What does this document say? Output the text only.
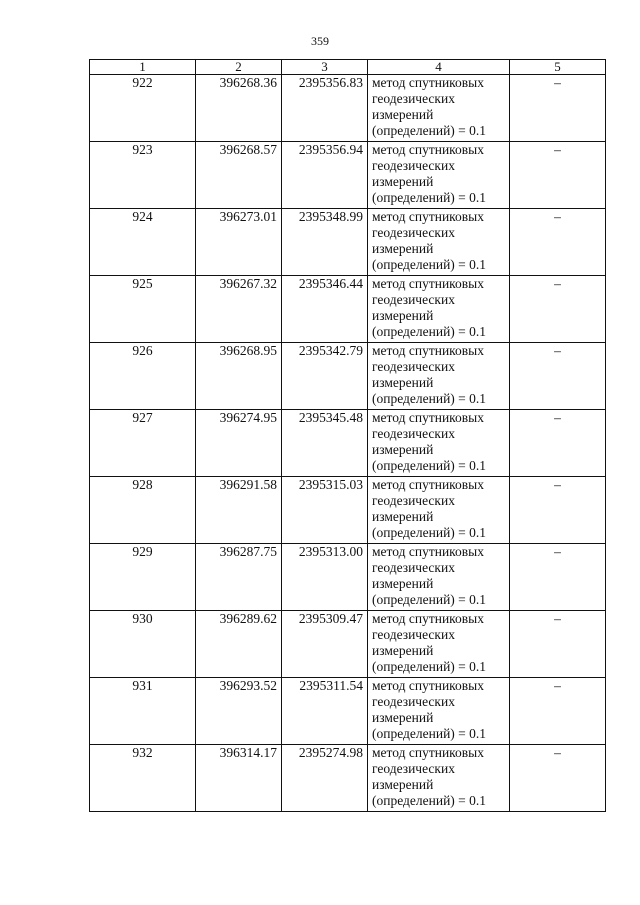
359
1	2	3	4	5
922	396268.36	2395356.83	метод спутниковых
геодезических
измерений
(определений) = 0.1	–
923	396268.57	2395356.94	метод спутниковых
геодезических
измерений
(определений) = 0.1	–
924	396273.01	2395348.99	метод спутниковых
геодезических
измерений
(определений) = 0.1	–
925	396267.32	2395346.44	метод спутниковых
геодезических
измерений
(определений) = 0.1	–
926	396268.95	2395342.79	метод спутниковых
геодезических
измерений
(определений) = 0.1	–
927	396274.95	2395345.48	метод спутниковых
геодезических
измерений
(определений) = 0.1	–
928	396291.58	2395315.03	метод спутниковых
геодезических
измерений
(определений) = 0.1	–
929	396287.75	2395313.00	метод спутниковых
геодезических
измерений
(определений) = 0.1	–
930	396289.62	2395309.47	метод спутниковых
геодезических
измерений
(определений) = 0.1	–
931	396293.52	2395311.54	метод спутниковых
геодезических
измерений
(определений) = 0.1	–
932	396314.17	2395274.98	метод спутниковых
геодезических
измерений
(определений) = 0.1	–
